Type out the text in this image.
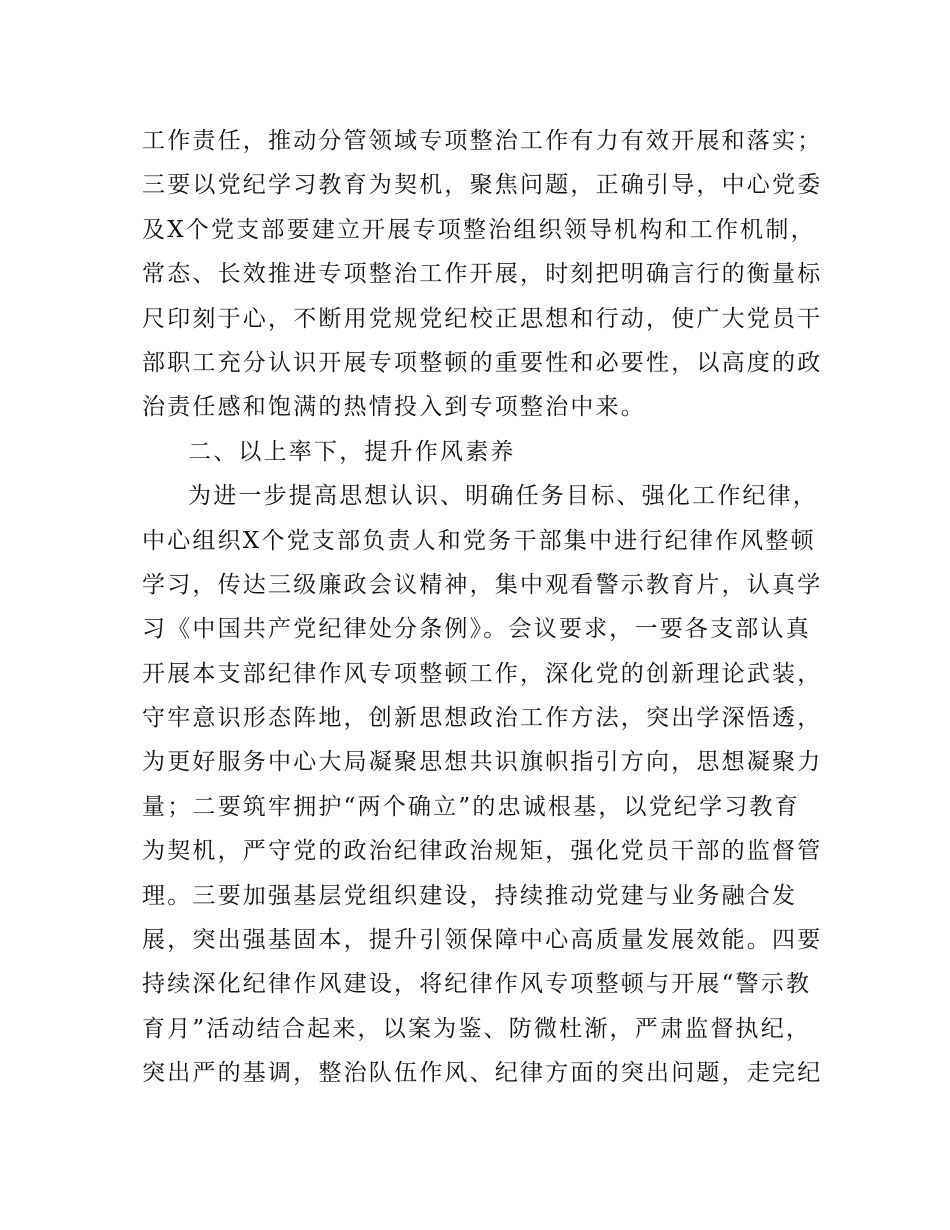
工作责任，推动分管领域专项整治工作有力有效开展和落实；
三要以党纪学习教育为契机，聚焦问题，正确引导，中心党委
及X个党支部要建立开展专项整治组织领导机构和工作机制，
常态、长效推进专项整治工作开展，时刻把明确言行的衡量标
尺印刻于心，不断用党规党纪校正思想和行动，使广大党员干
部职工充分认识开展专项整顿的重要性和必要性，以高度的政
治责任感和饱满的热情投入到专项整治中来。
二、以上率下，提升作风素养
为进一步提高思想认识、明确任务目标、强化工作纪律，
中心组织X个党支部负责人和党务干部集中进行纪律作风整顿
学习，传达三级廉政会议精神，集中观看警示教育片，认真学
习《中国共产党纪律处分条例》。会议要求，一要各支部认真
开展本支部纪律作风专项整顿工作，深化党的创新理论武装，
守牢意识形态阵地，创新思想政治工作方法，突出学深悟透，
为更好服务中心大局凝聚思想共识旗帜指引方向，思想凝聚力
量；二要筑牢拥护“两个确立”的忠诚根基，以党纪学习教育
为契机，严守党的政治纪律政治规矩，强化党员干部的监督管
理。三要加强基层党组织建设，持续推动党建与业务融合发
展，突出强基固本，提升引领保障中心高质量发展效能。四要
持续深化纪律作风建设，将纪律作风专项整顿与开展“警示教
育月”活动结合起来，以案为鉴、防微杜渐，严肃监督执纪，
突出严的基调，整治队伍作风、纪律方面的突出问题，走完纪
